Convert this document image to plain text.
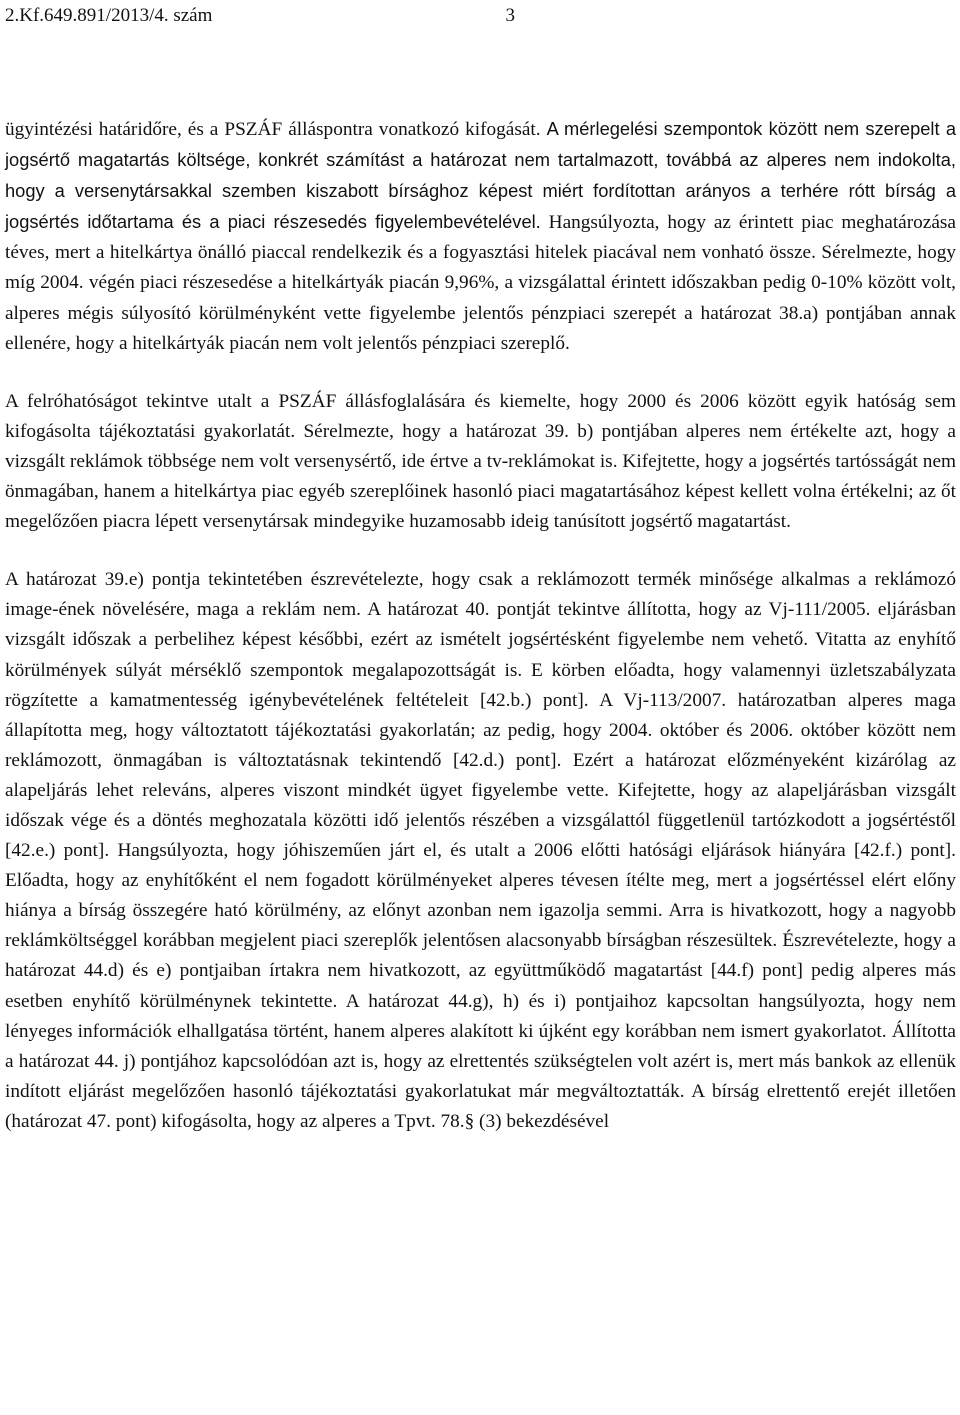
2.Kf.649.891/2013/4. szám	3

ügyintézési határidőre, és a PSZÁF álláspontra vonatkozó kifogását. A mérlegelési szempontok között nem szerepelt a jogsértő magatartás költsége, konkrét számítást a határozat nem tartalmazott, továbbá az alperes nem indokolta, hogy a versenytársakkal szemben kiszabott bírsághoz képest miért fordítottan arányos a terhére rótt bírság a jogsértés időtartama és a piaci részesedés figyelembevételével. Hangsúlyozta, hogy az érintett piac meghatározása téves, mert a hitelkártya önálló piaccal rendelkezik és a fogyasztási hitelek piacával nem vonható össze. Sérelmezte, hogy míg 2004. végén piaci részesedése a hitelkártyák piacán 9,96%, a vizsgálattal érintett időszakban pedig 0-10% között volt, alperes mégis súlyosító körülményként vette figyelembe jelentős pénzpiaci szerepét a határozat 38.a) pontjában annak ellenére, hogy a hitelkártyák piacán nem volt jelentős pénzpiaci szereplő.

A felróhatóságot tekintve utalt a PSZÁF állásfoglalására és kiemelte, hogy 2000 és 2006 között egyik hatóság sem kifogásolta tájékoztatási gyakorlatát. Sérelmezte, hogy a határozat 39. b) pontjában alperes nem értékelte azt, hogy a vizsgált reklámok többsége nem volt versenysértő, ide értve a tv-reklámokat is. Kifejtette, hogy a jogsértés tartósságát nem önmagában, hanem a hitelkártya piac egyéb szereplőinek hasonló piaci magatartásához képest kellett volna értékelni; az őt megelőzően piacra lépett versenytársak mindegyike huzamosabb ideig tanúsított jogsértő magatartást.

A határozat 39.e) pontja tekintetében észrevételezte, hogy csak a reklámozott termék minősége alkalmas a reklámozó image-ének növelésére, maga a reklám nem. A határozat 40. pontját tekintve állította, hogy az Vj-111/2005. eljárásban vizsgált időszak a perbelihez képest későbbi, ezért az ismételt jogsértésként figyelembe nem vehető. Vitatta az enyhítő körülmények súlyát mérséklő szempontok megalapozottságát is. E körben előadta, hogy valamennyi üzletszabályzata rögzítette a kamatmentesség igénybevételének feltételeit [42.b.) pont]. A Vj-113/2007. határozatban alperes maga állapította meg, hogy változtatott tájékoztatási gyakorlatán; az pedig, hogy 2004. október és 2006. október között nem reklámozott, önmagában is változtatásnak tekintendő [42.d.) pont]. Ezért a határozat előzményeként kizárólag az alapeljárás lehet releváns, alperes viszont mindkét ügyet figyelembe vette. Kifejtette, hogy az alapeljárásban vizsgált időszak vége és a döntés meghozatala közötti idő jelentős részében a vizsgálattól függetlenül tartózkodott a jogsértéstől [42.e.) pont]. Hangsúlyozta, hogy jóhiszeműen járt el, és utalt a 2006 előtti hatósági eljárások hiányára [42.f.) pont]. Előadta, hogy az enyhítőként el nem fogadott körülményeket alperes tévesen ítélte meg, mert a jogsértéssel elért előny hiánya a bírság összegére ható körülmény, az előnyt azonban nem igazolja semmi. Arra is hivatkozott, hogy a nagyobb reklámköltséggel korábban megjelent piaci szereplők jelentősen alacsonyabb bírságban részesültek. Észrevételezte, hogy a határozat 44.d) és e) pontjaiban írtakra nem hivatkozott, az együttműködő magatartást [44.f) pont] pedig alperes más esetben enyhítő körülménynek tekintette. A határozat 44.g), h) és i) pontjaihoz kapcsoltan hangsúlyozta, hogy nem lényeges információk elhallgatása történt, hanem alperes alakított ki újként egy korábban nem ismert gyakorlatot. Állította a határozat 44. j) pontjához kapcsolódóan azt is, hogy az elrettentés szükségtelen volt azért is, mert más bankok az ellenük indított eljárást megelőzően hasonló tájékoztatási gyakorlatukat már megváltoztatták. A bírság elrettentő erejét illetően (határozat 47. pont) kifogásolta, hogy az alperes a Tpvt. 78.§ (3) bekezdésével
